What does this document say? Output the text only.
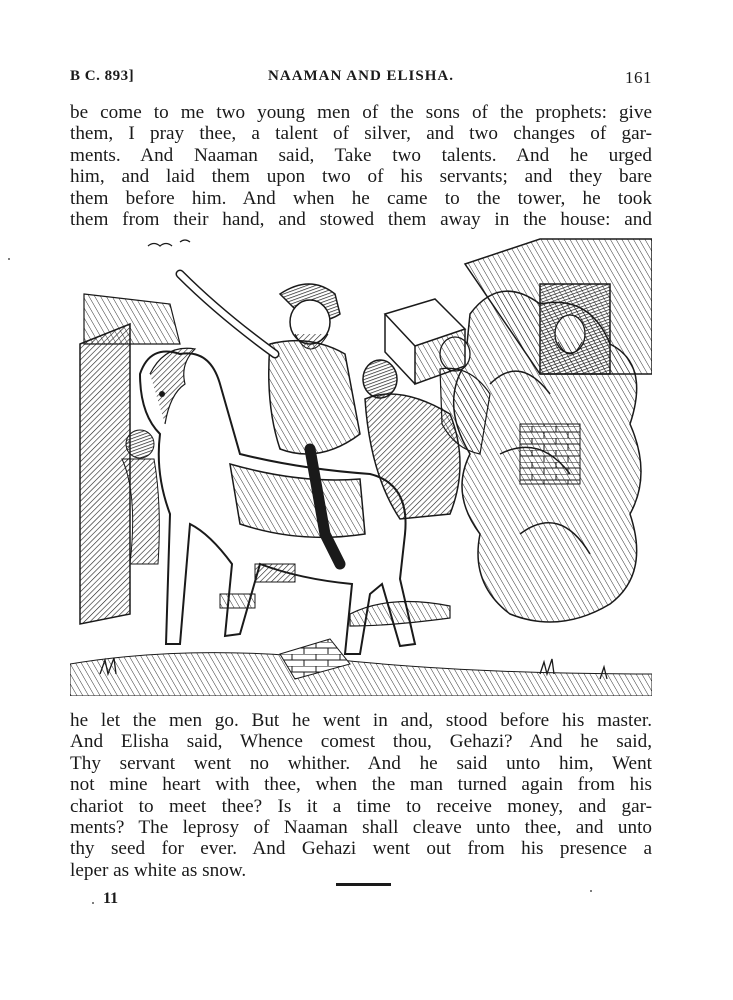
B C. 893]	NAAMAN AND ELISHA.	161
be come to me two young men of the sons of the prophets: give
them, I pray thee, a talent of silver, and two changes of gar-
ments. And Naaman said, Take two talents. And he urged
him, and laid them upon two of his servants; and they bare
them before him. And when he came to the tower, he took
them from their hand, and stowed them away in the house: and
he let the men go. But he went in and, stood before his master.
And Elisha said, Whence comest thou, Gehazi? And he said,
Thy servant went no whither. And he said unto him, Went
not mine heart with thee, when the man turned again from his
chariot to meet thee? Is it a time to receive money, and gar-
ments? The leprosy of Naaman shall cleave unto thee, and unto
thy seed for ever. And Gehazi went out from his presence a
leper as white as snow.
11
